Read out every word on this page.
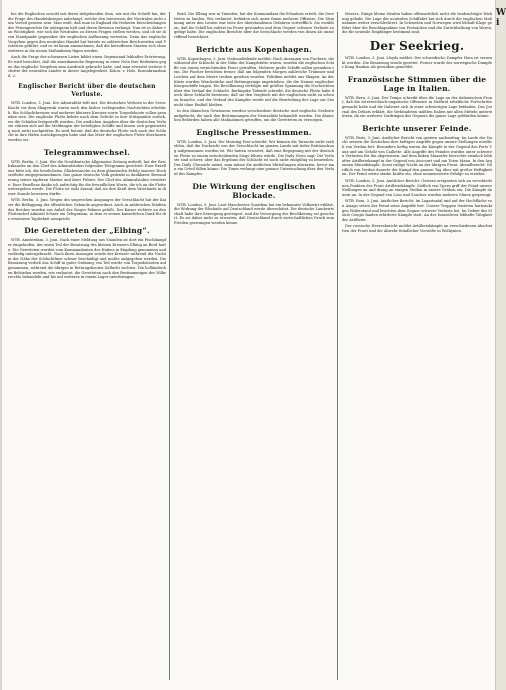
bei die Englischen sowohl mit deren tiefgehenden Sinn, wie mit der Schrift hin, der die Frage des Handelskrieges anbelangt, welche den Interessen der Neutralen nicht zum Vorteil geraten sein. Man weiß, daß man in England die früheren Entscheidungen der Prisengerichte für unbequem hält und deren Revision verlangt. Nun ist es daher von Wichtigkeit, wie sich die Neutralen zu diesen Fragen stellen werden, und ob sie ihren Standpunkt gegenüber der englischen Auffassung vertreten. Denn das englische Vorgehen gegen den neutralen Handel hat bereits zu zahlreichen Beschwerden und Protesten geführt, und es ist kaum anzunehmen, daß die betroffenen Staaten sich ohne weiteres in die neuen Maßnahmen fügen werden.

Auch die Frage der schwarzen Listen bildet einen Gegenstand lebhafter Erörterung. Es wird berichtet, daß die amerikanische Regierung in einer Note ihre Bedenken gegen das englische Vorgehen zum Ausdruck gebracht habe, und man erwartet weitere Schritte der neutralen Länder in dieser Angelegenheit. Kolon, v. Holz, Rosenkranzbund, 2.

Englischer Bericht über die deutschen Verluste.

WTB. London, 3. Juni. Der Admiralität teilt mit: Die deutschen Verluste in der Seeschlacht vor dem Skagerrak waren nach den bisher vorliegenden Nachrichten erheblich. Ein Schlachtkreuzer und mehrere kleinere Kreuzer sowie Torpedoboote sollen gesunken sein. Die englische Flotte kehrte nach dem Gefecht in ihre Stützpunkte zurück, wo die Schäden festgestellt wurden. Die amtlichen Angaben über die deutschen Verluste stützen sich auf die Meldungen der beteiligten Schiffe und lassen sich gegenwärtig noch nicht nachprüfen. Es wird betont, daß die deutsche Flotte sich nach der Schlacht in ihre Häfen zurückgezogen habe und das Meer der englischen Flotte überlassen worden sei.

Telegrammwechsel.

WTB. Berlin, 3. Juni. Wie die Norddeutsche Allgemeine Zeitung mitteilt, hat der Reichskanzler an den Chef des Admiralstabes folgendes Telegramm gerichtet: Euer Exzellenz bitte ich, die herzlichsten Glückwünsche zu dem glänzenden Erfolg unserer Hochseeflotte entgegenzunehmen. Das ganze deutsche Volk gedenkt in dankbarer Bewunderung seiner tapferen Marine und ihrer Führer. Der Chef des Admiralstabes erwiderte: Euer Exzellenz danke ich aufrichtig für die freundlichen Worte, die ich an die Flotte weitergeben werde. Die Flotte ist stolz darauf, daß sie ihre Kraft dem Vaterlande in dieser Stunde beweisen durfte.

WTB. Berlin, 3. Juni. Wegen des siegreichen Ausganges der Seeschlacht hat der Kaiser die Beflaggung der öffentlichen Gebäude angeordnet. Auch in zahlreichen Städten des Reiches wurden aus Anlaß des Sieges Fahnen gehißt. Der Kaiser richtete an den Flottenchef Admiral Scheer ein Telegramm, in dem er seinen kaiserlichen Dank für die erwiesene Tapferkeit ausspricht.

Die Geretteten der „Elbing“.

WTB. Amsterdam, 3. Juni. Nach einer Meldung aus Ymuiden ist dort ein Fischdampfer eingelaufen, der einen Teil der Besatzung des kleinen Kreuzers Elbing an Bord hatte. Die Geretteten wurden vom Kommandanten des Hafens in Empfang genommen und vorläufig untergebracht. Nach ihren Aussagen wurde der Kreuzer während der Nacht in der Nähe der Schlachtlinie schwer beschädigt und mußte aufgegeben werden. Die Besatzung verließ das Schiff in guter Ordnung; ein Teil wurde von Torpedobooten aufgenommen, während die übrigen in Rettungsbooten Zuflucht suchten. Die holländischen Behörden werden, wie verlautet, die Geretteten nach den Bestimmungen des Völkerrechts behandeln und bis auf weiteres in einem Lager unterbringen.

Bord. Die Elbing war in Ymuiden, hat der Kommandant die Erlaubnis erteilt, die Geretteten zu landen. Wie verlautet, befinden sich unter ihnen mehrere Offiziere. Die Stimmung unter den Leuten war trotz der überstandenen Gefahren vortrefflich. Sie erzählten, daß ihr Schiff bis zuletzt im Feuer gestanden und dem Gegner schwere Verluste zugefügt habe. Die englischen Berichte über die Seeschlacht werden von ihnen als unzutreffend bezeichnet.

Berichte aus Kopenhagen.

WTB. Kopenhagen, 3. Juni. Nationaltidende meldet: Nach Aussagen von Fischern, die während der Schlacht in der Nähe der Kampfstätte waren, wurden die englischen Schiffe von einem vernichtenden Feuer getroffen. Mehrere große Schiffe sollen gesunken sein. Die Fischer berichten ferner, daß am folgenden Morgen zahlreiche Trümmer und Leichen auf dem Meere treiben gesehen wurden. Politiken meldet aus Skagen: An der Küste wurden Wrackstücke und Rettungsringe angetrieben, die die Namen englischer Kriegsschiffe tragen. Die Bevölkerung verfolgte mit größter Spannung die Nachrichten über den Verlauf der Schlacht. Berlingske Tidende schreibt, die deutsche Flotte habe durch diese Schlacht bewiesen, daß sie den Vergleich mit der englischen nicht zu scheuen brauche, und der Verlauf des Kampfes werde auf die Beurteilung der Lage zur See nicht ohne Einfluß bleiben.

In den dänischen Gewässern wurden verschiedene deutsche und englische Seeleute aufgefischt, die nach den Bestimmungen der Neutralität behandelt werden. Die dänischen Behörden haben alle Maßnahmen getroffen, um die Geretteten zu versorgen.

Englische Pressestimmen.

WTB. London, 3. Juni. Die Morning Post schreibt: Wir können die Tatsache nicht verhehlen, daß die Nachricht von der Seeschlacht im ganzen Lande mit tiefer Enttäuschung aufgenommen worden ist. Wir hatten erwartet, daß eine Begegnung mit der deutschen Flotte zu einem entscheidenden Siege führen würde. Die Daily News sagt: Die Verluste sind schwer, aber das Ergebnis der Schlacht ist noch nicht endgültig zu beurteilen. Der Daily Chronicle meint, man müsse die amtlichen Mitteilungen abwarten, bevor man ein Urteil fällen könne. Die Times verlangt eine genaue Untersuchung über den Verlauf des Kampfes.

Die Wirkung der englischen Blockade.

WTB. London, 3. Juni. Laut Manchester Guardian hat ein bekannter Volkswirt erklärt, die Wirkung der Blockade auf Deutschland werde überschätzt. Die deutsche Landwirtschaft habe ihre Erzeugung gesteigert, und die Versorgung der Bevölkerung sei gesichert. Es sei daher nicht zu erwarten, daß Deutschland durch wirtschaftlichen Druck zum Frieden gezwungen werden könne.

Meeres. Einige kleine Strafen haben offensichtlich nicht die beabsichtigte Wirkung gehabt. Die Lage der neutralen Schiffahrt hat sich durch die englischen Maßnahmen weiter verschlechtert. In Schweden und Norwegen wird lebhaft Klage geführt über die Beschlagnahme von Postsäcken und die Zurückhaltung von Waren, die für neutrale Empfänger bestimmt sind.

Der Seekrieg.

WTB. London, 3. Juni. Lloyds meldet: Der schwedische Dampfer Hera ist versenkt worden. Die Besatzung wurde gerettet. Ferner wurde der norwegische Dampfer Kong Haakon als gesunken gemeldet.

Französische Stimmen über die Lage in Italien.

WTB. Bern, 3. Juni. Der Temps schreibt über die Lage an der italienischen Front, daß die österreichisch-ungarische Offensive in Südtirol erhebliche Fortschritte gemacht habe und die Italiener sich in einer schwierigen Lage befänden. Das Journal des Débats erklärt, die Verbündeten müßten Italien mit allen Mitteln unterstützen, da ein weiteres Vordringen des Gegners die ganze Lage gefährden könne.

Berichte unserer Feinde.

WTB. Paris, 3. Juni. Amtlicher Bericht von gestern nachmittag: Im Laufe der Nacht setzten die Deutschen ihre heftigen Angriffe gegen unsere Stellungen nördlich von Verdun fort. Besonders heftig waren die Kämpfe in der Gegend des Forts Vaux und am Gehölz von Caillette. Alle Angriffe des Feindes wurden unter schweren Verlusten für ihn abgewiesen. Auf dem linken Maasufer herrschte ziemlich lebhafter Artilleriekampf in der Gegend von Avocourt und am Toten Mann. In den Argonnen Minenkämpfe. Sonst ruhige Nacht an der übrigen Front. Abendbericht: Nördlich von Verdun dauerte der Kampf den ganzen Tag über mit großer Heftigkeit an. Der Feind setzte starke Kräfte ein, ohne nennenswerte Erfolge zu erzielen.

WTB. London, 3. Juni. Amtlicher Bericht: Gestern ereigneten sich an verschiedenen Punkten der Front Artilleriekämpfe. Südlich von Ypern griff der Feind unsere Stellungen an und drang an einigen Stellen in unsere Gräben ein. Die Kämpfe dauern an. In der Gegend von Loos und Souchez wurden mehrere Minen gesprengt.

WTB. Rom, 3. Juni. Amtlicher Bericht: Im Lagarinatal und auf der Hochfläche von Asiago setzte der Feind seine Angriffe fort. Unsere Truppen leisteten hartnäckigen Widerstand und brachten dem Gegner schwere Verluste bei. Im Gebiet des Monte Cengio fanden erbitterte Kämpfe statt. An der Isonzofront lebhafte Tätigkeit der Artillerie.

Der russische Heeresbericht meldet Artilleriekämpfe an verschiedenen Abschnitten der Front und die Abwehr feindlicher Vorstöße in Wolhynien.

Wi
